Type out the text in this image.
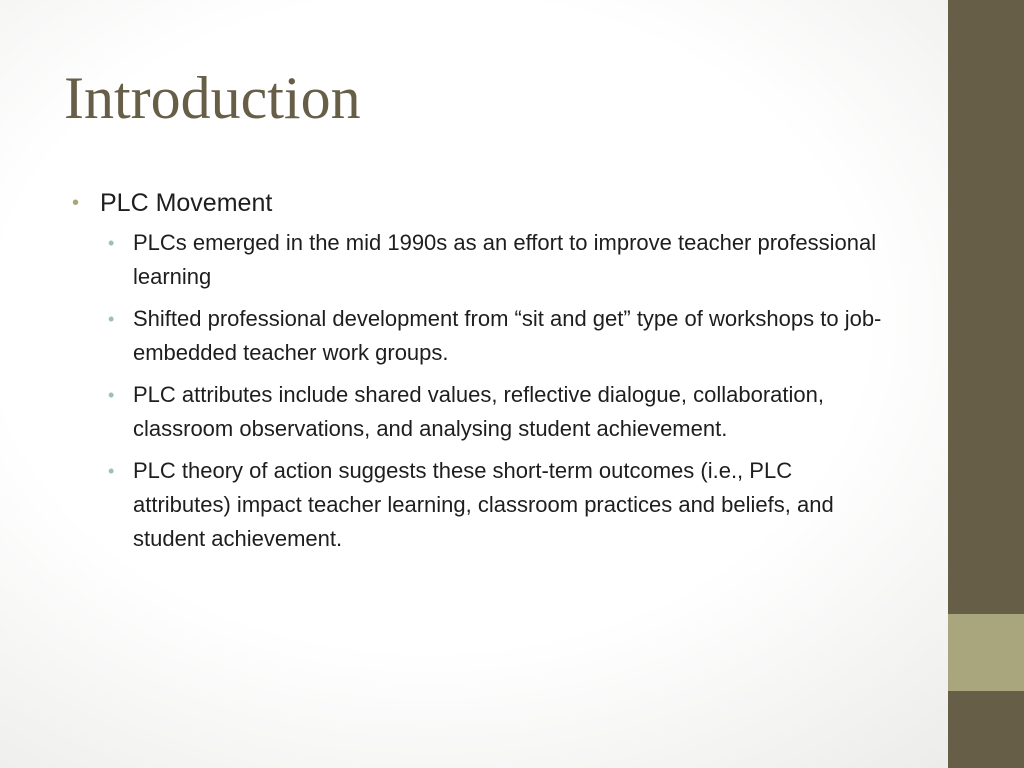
Introduction
• PLC Movement
• PLCs emerged in the mid 1990s as an effort to improve teacher professional learning
• Shifted professional development from “sit and get” type of workshops to job-embedded teacher work groups.
• PLC attributes include shared values, reflective dialogue, collaboration, classroom observations, and analysing student achievement.
• PLC theory of action suggests these short-term outcomes (i.e., PLC attributes) impact teacher learning, classroom practices and beliefs, and student achievement.
